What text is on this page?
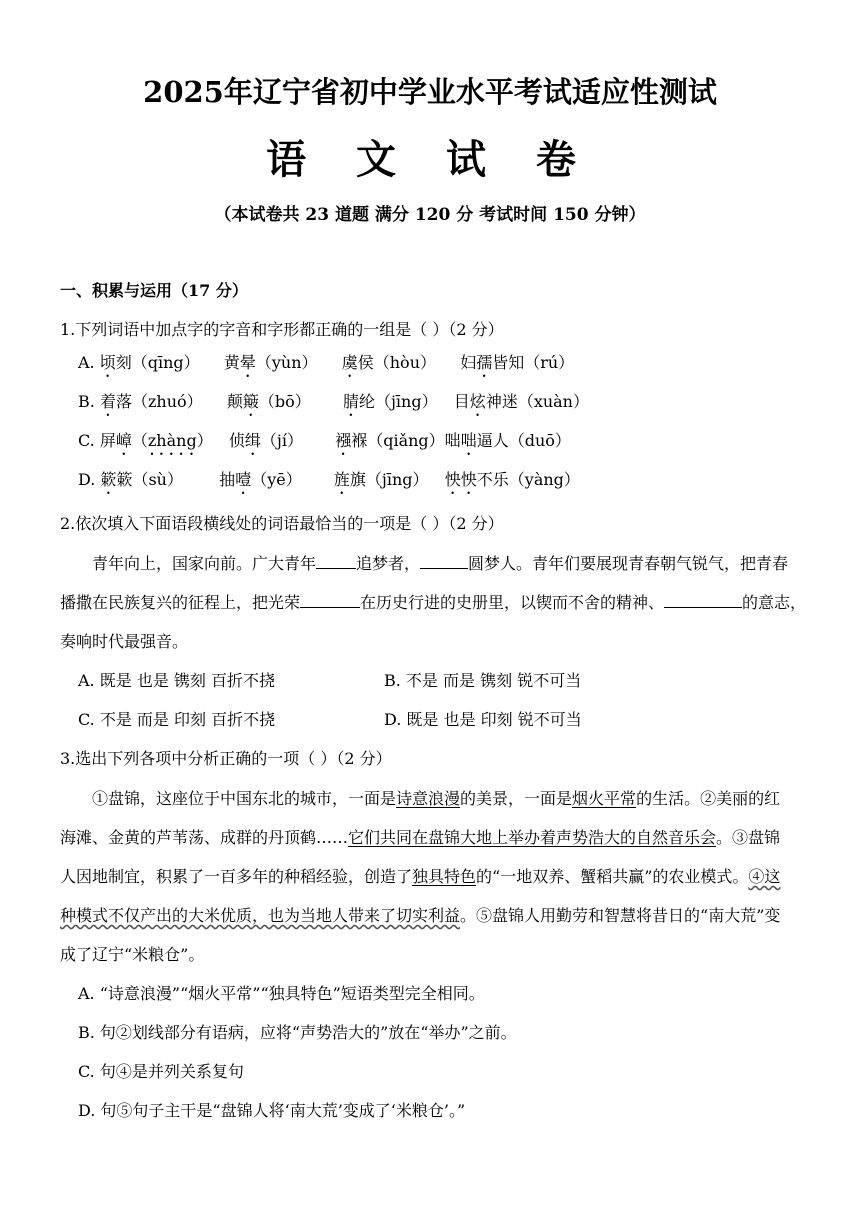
2025年辽宁省初中学业水平考试适应性测试
语 文 试 卷
（本试卷共 23 道题 满分 120 分 考试时间 150 分钟）
一、积累与运用（17 分）
1.下列词语中加点字的字音和字形都正确的一组是（ ）（2 分）
A. 顷刻（qīng） 黄晕（yùn） 虞侯（hòu） 妇孺皆知（rú）
B. 着落（zhuó） 颠簸（bō） 腈纶（jīng） 目炫神迷（xuàn）
C. 屏嶂（zhàng） 侦缉（jí） 襁褓（qiǎng）咄咄逼人（duō）
D. 簌簌（sù） 抽噎（yē） 旌旗（jīng） 怏怏不乐（yàng）
2.依次填入下面语段横线处的词语最恰当的一项是（ ）（2 分）
青年向上，国家向前。广大青年	追梦者，	圆梦人。青年们要展现青春朝气锐气，把青春
播撒在民族复兴的征程上，把光荣	在历史行进的史册里，以锲而不舍的精神、	的意志，
奏响时代最强音。
A. 既是 也是 镌刻 百折不挠	B. 不是 而是 镌刻 锐不可当
C. 不是 而是 印刻 百折不挠	D. 既是 也是 印刻 锐不可当
3.选出下列各项中分析正确的一项（ ）（2 分）
①盘锦，这座位于中国东北的城市，一面是诗意浪漫的美景，一面是烟火平常的生活。②美丽的红
海滩、金黄的芦苇荡、成群的丹顶鹤……它们共同在盘锦大地上举办着声势浩大的自然音乐会。③盘锦
人因地制宜，积累了一百多年的种稻经验，创造了独具特色的“一地双养、蟹稻共赢”的农业模式。④这
种模式不仅产出的大米优质，也为当地人带来了切实利益。⑤盘锦人用勤劳和智慧将昔日的“南大荒”变
成了辽宁“米粮仓”。
A. “诗意浪漫”“烟火平常”“独具特色”短语类型完全相同。
B. 句②划线部分有语病，应将“声势浩大的”放在“举办”之前。
C. 句④是并列关系复句
D. 句⑤句子主干是“盘锦人将‘南大荒’变成了‘米粮仓’。”
